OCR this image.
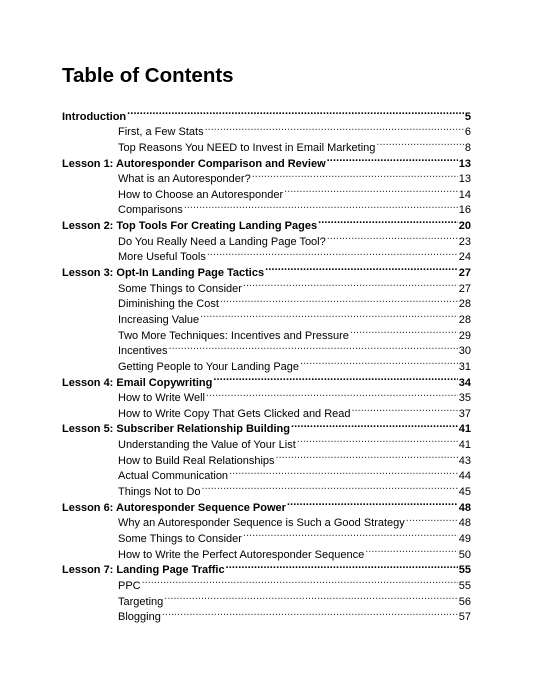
Table of Contents
Introduction .....	5
First, a Few Stats .....	6
Top Reasons You NEED to Invest in Email Marketing .....	8
Lesson 1: Autoresponder Comparison and Review .....	13
What is an Autoresponder? .....	13
How to Choose an Autoresponder .....	14
Comparisons .....	16
Lesson 2: Top Tools For Creating Landing Pages .....	20
Do You Really Need a Landing Page Tool? .....	23
More Useful Tools .....	24
Lesson 3: Opt-In Landing Page Tactics .....	27
Some Things to Consider .....	27
Diminishing the Cost .....	28
Increasing Value .....	28
Two More Techniques: Incentives and Pressure .....	29
Incentives .....	30
Getting People to Your Landing Page .....	31
Lesson 4: Email Copywriting .....	34
How to Write Well .....	35
How to Write Copy That Gets Clicked and Read .....	37
Lesson 5: Subscriber Relationship Building .....	41
Understanding the Value of Your List .....	41
How to Build Real Relationships .....	43
Actual Communication .....	44
Things Not to Do .....	45
Lesson 6: Autoresponder Sequence Power .....	48
Why an Autoresponder Sequence is Such a Good Strategy .....	48
Some Things to Consider .....	49
How to Write the Perfect Autoresponder Sequence .....	50
Lesson 7: Landing Page Traffic .....	55
PPC .....	55
Targeting .....	56
Blogging .....	57
